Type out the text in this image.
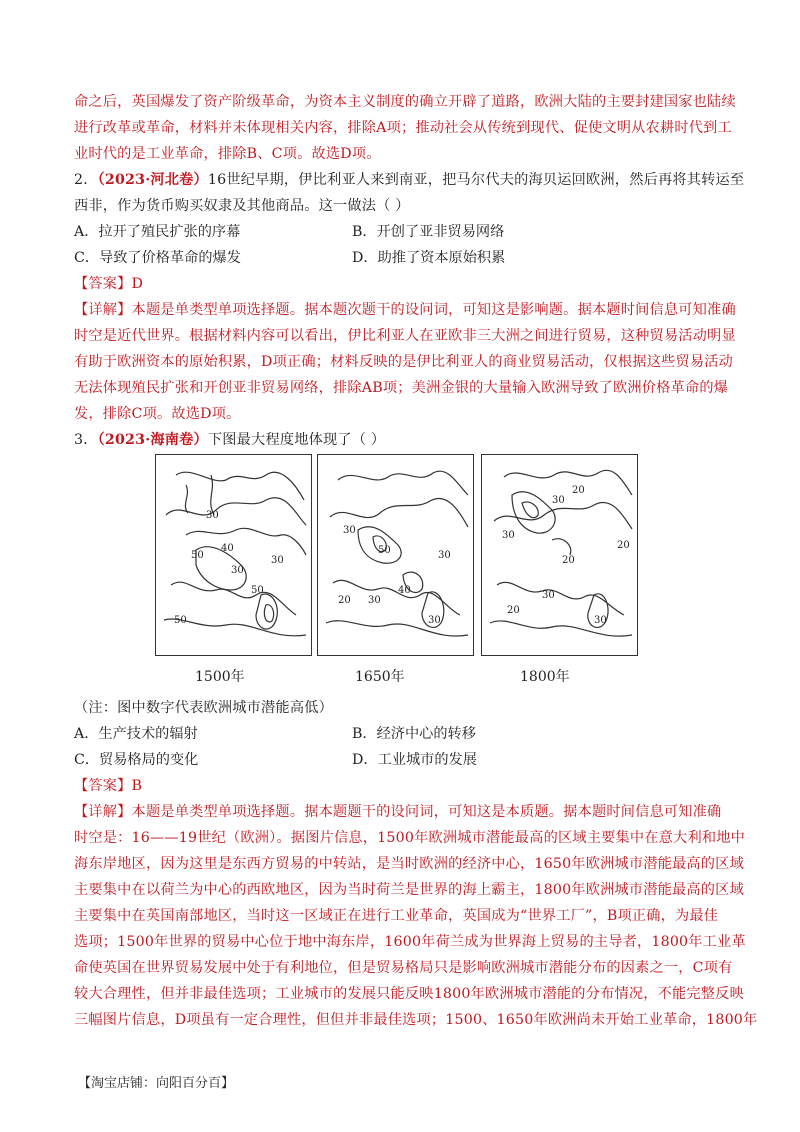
命之后，英国爆发了资产阶级革命，为资本主义制度的确立开辟了道路，欧洲大陆的主要封建国家也陆续
进行改革或革命，材料并未体现相关内容，排除A项；推动社会从传统到现代、促使文明从农耕时代到工
业时代的是工业革命，排除B、C项。故选D项。
2．（2023·河北卷）16世纪早期，伊比利亚人来到南亚，把马尔代夫的海贝运回欧洲，然后再将其转运至
西非，作为货币购买奴隶及其他商品。这一做法（ ）
A．拉开了殖民扩张的序幕	B．开创了亚非贸易网络
C．导致了价格革命的爆发	D．助推了资本原始积累
【答案】D
【详解】本题是单类型单项选择题。据本题次题干的设问词，可知这是影响题。据本题时间信息可知准确
时空是近代世界。根据材料内容可以看出，伊比利亚人在亚欧非三大洲之间进行贸易，这种贸易活动明显
有助于欧洲资本的原始积累，D项正确；材料反映的是伊比利亚人的商业贸易活动，仅根据这些贸易活动
无法体现殖民扩张和开创亚非贸易网络，排除AB项；美洲金银的大量输入欧洲导致了欧洲价格革命的爆
发，排除C项。故选D项。
3．（2023·海南卷）下图最大程度地体现了（ ）
30
50
40
30
50
50
30
50
30
30
20 30
40
30
20
30
30
20
20
30
30
20
1500年	1650年	1800年
（注：图中数字代表欧洲城市潜能高低）
A．生产技术的辐射	B．经济中心的转移
C．贸易格局的变化	D．工业城市的发展
【答案】B
【详解】本题是单类型单项选择题。据本题题干的设问词，可知这是本质题。据本题时间信息可知准确
时空是：16——19世纪（欧洲）。据图片信息，1500年欧洲城市潜能最高的区域主要集中在意大利和地中
海东岸地区，因为这里是东西方贸易的中转站，是当时欧洲的经济中心，1650年欧洲城市潜能最高的区域
主要集中在以荷兰为中心的西欧地区，因为当时荷兰是世界的海上霸主，1800年欧洲城市潜能最高的区域
主要集中在英国南部地区，当时这一区域正在进行工业革命，英国成为“世界工厂”，B项正确，为最佳
选项；1500年世界的贸易中心位于地中海东岸，1600年荷兰成为世界海上贸易的主导者，1800年工业革
命使英国在世界贸易发展中处于有利地位，但是贸易格局只是影响欧洲城市潜能分布的因素之一，C项有
较大合理性，但并非最佳选项；工业城市的发展只能反映1800年欧洲城市潜能的分布情况，不能完整反映
三幅图片信息，D项虽有一定合理性，但但并非最佳选项；1500、1650年欧洲尚未开始工业革命，1800年
【淘宝店铺：向阳百分百】
